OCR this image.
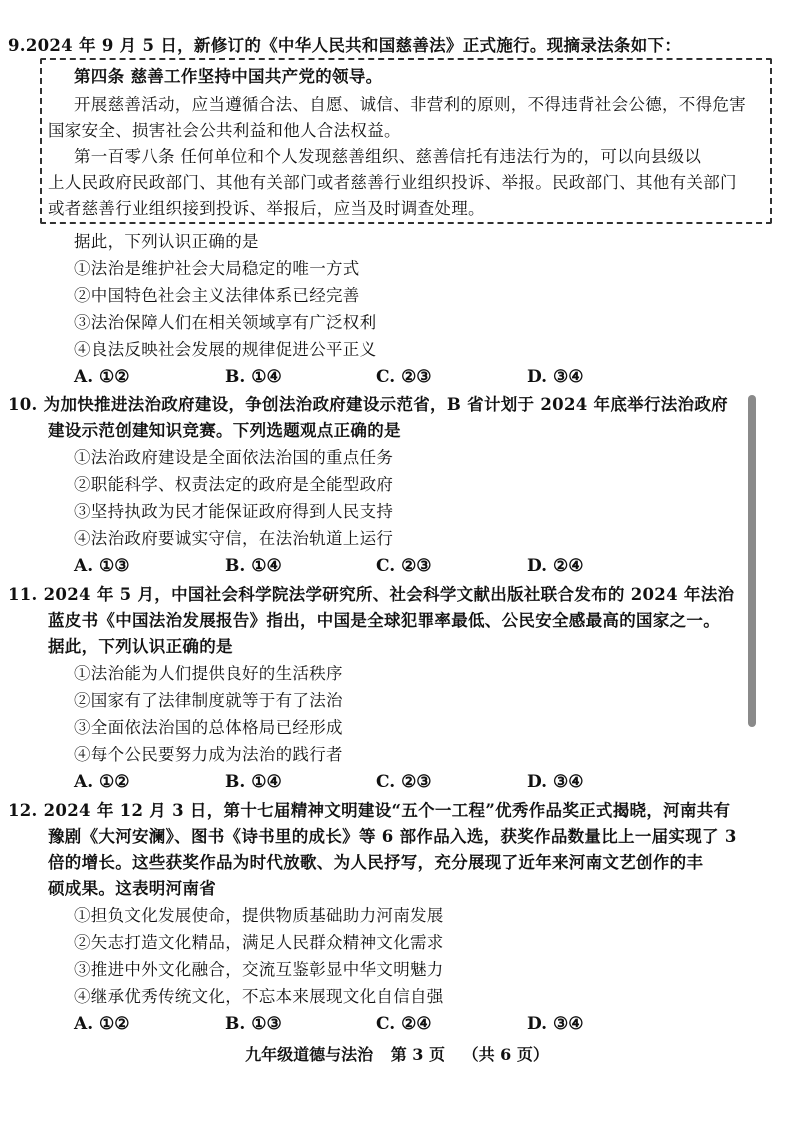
9.2024 年 9 月 5 日，新修订的《中华人民共和国慈善法》正式施行。现摘录法条如下：
第四条 慈善工作坚持中国共产党的领导。
开展慈善活动，应当遵循合法、自愿、诚信、非营利的原则，不得违背社会公德，不得危害
国家安全、损害社会公共利益和他人合法权益。
第一百零八条 任何单位和个人发现慈善组织、慈善信托有违法行为的，可以向县级以
上人民政府民政部门、其他有关部门或者慈善行业组织投诉、举报。民政部门、其他有关部门
或者慈善行业组织接到投诉、举报后，应当及时调查处理。
据此，下列认识正确的是
①法治是维护社会大局稳定的唯一方式
②中国特色社会主义法律体系已经完善
③法治保障人们在相关领域享有广泛权利
④良法反映社会发展的规律促进公平正义
A. ①②	B. ①④	C. ②③	D. ③④
10. 为加快推进法治政府建设，争创法治政府建设示范省，B 省计划于 2024 年底举行法治政府
建设示范创建知识竞赛。下列选题观点正确的是
①法治政府建设是全面依法治国的重点任务
②职能科学、权责法定的政府是全能型政府
③坚持执政为民才能保证政府得到人民支持
④法治政府要诚实守信，在法治轨道上运行
A. ①③	B. ①④	C. ②③	D. ②④
11. 2024 年 5 月，中国社会科学院法学研究所、社会科学文献出版社联合发布的 2024 年法治
蓝皮书《中国法治发展报告》指出，中国是全球犯罪率最低、公民安全感最高的国家之一。
据此，下列认识正确的是
①法治能为人们提供良好的生活秩序
②国家有了法律制度就等于有了法治
③全面依法治国的总体格局已经形成
④每个公民要努力成为法治的践行者
A. ①②	B. ①④	C. ②③	D. ③④
12. 2024 年 12 月 3 日，第十七届精神文明建设“五个一工程”优秀作品奖正式揭晓，河南共有
豫剧《大河安澜》、图书《诗书里的成长》等 6 部作品入选，获奖作品数量比上一届实现了 3
倍的增长。这些获奖作品为时代放歌、为人民抒写，充分展现了近年来河南文艺创作的丰
硕成果。这表明河南省
①担负文化发展使命，提供物质基础助力河南发展
②矢志打造文化精品，满足人民群众精神文化需求
③推进中外文化融合，交流互鉴彰显中华文明魅力
④继承优秀传统文化，不忘本来展现文化自信自强
A. ①②	B. ①③	C. ②④	D. ③④
九年级道德与法治 第 3 页 （共 6 页）
